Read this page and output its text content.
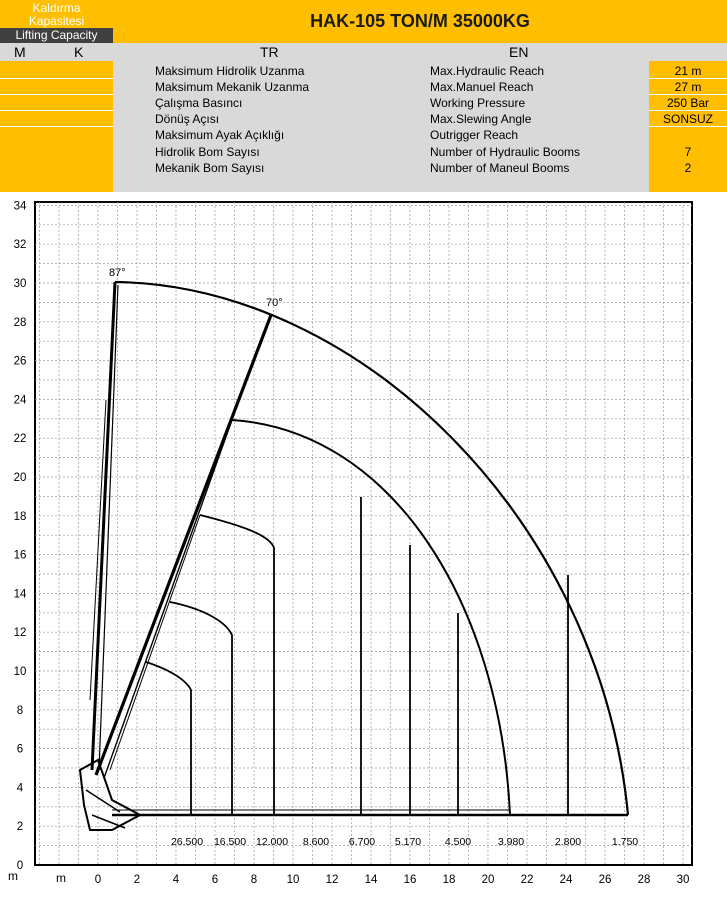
Kaldırma
Kapasitesi
Lifting Capacity
HAK-105 TON/M 35000KG
M	K	TR	EN
Maksimum Hidrolik Uzanma	Max.Hydraulic Reach	21 m
Maksimum Mekanik Uzanma	Max.Manuel Reach	27 m
Çalışma Basıncı	Working Pressure	250 Bar
Dönüş Açısı	Max.Slewing Angle	SONSUZ
Maksimum Ayak Açıklığı	Outrigger Reach
Hidrolik Bom Sayısı	Number of Hydraulic Booms	7
Mekanik Bom Sayısı	Number of Maneul Booms	2
34
32
30
28
26
24
22
20
18
16
14
12
10
8
6
4
2
0
0	2	4	6	8	10 12 14 16 18 20 22 24 26 28 30
87°
70°
26.500 16.500 12.000 8.600 6.700 5.170 4.500	3.980	2.800	1.750
m	m
